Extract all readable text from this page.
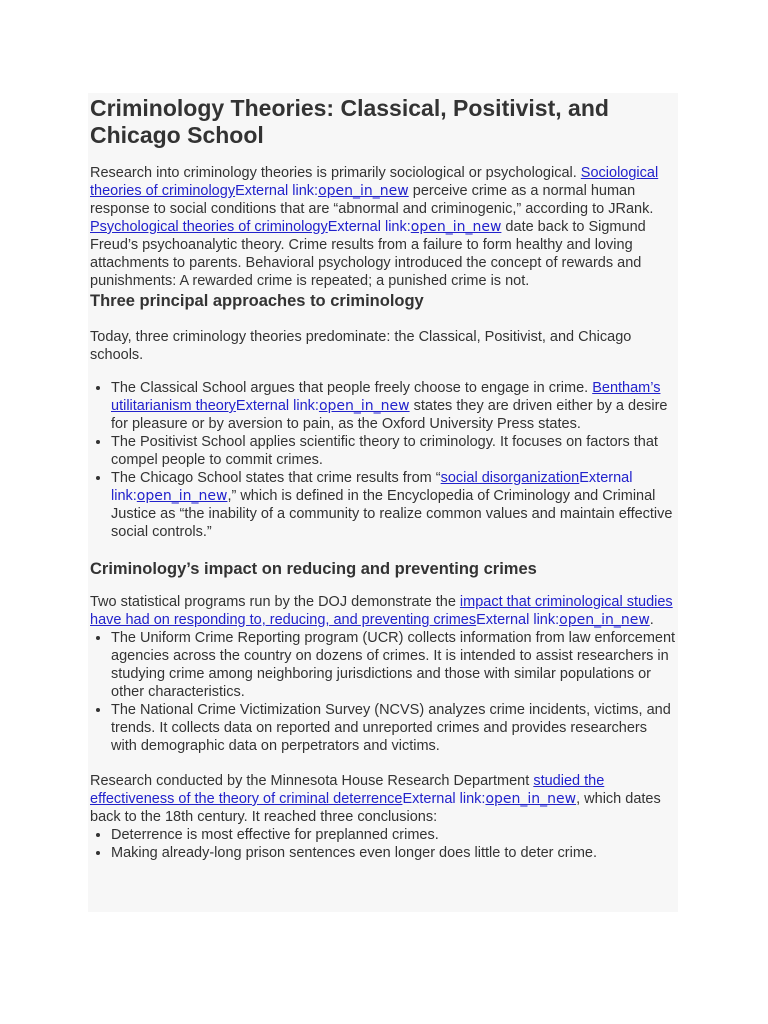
Criminology Theories: Classical, Positivist, and Chicago School

Research into criminology theories is primarily sociological or psychological. Sociological theories of criminologyExternal link:open_in_new perceive crime as a normal human response to social conditions that are “abnormal and criminogenic,” according to JRank.

Psychological theories of criminologyExternal link:open_in_new date back to Sigmund Freud’s psychoanalytic theory. Crime results from a failure to form healthy and loving attachments to parents. Behavioral psychology introduced the concept of rewards and punishments: A rewarded crime is repeated; a punished crime is not.

Three principal approaches to criminology

Today, three criminology theories predominate: the Classical, Positivist, and Chicago schools.

• The Classical School argues that people freely choose to engage in crime. Bentham’s utilitarianism theoryExternal link:open_in_new states they are driven either by a desire for pleasure or by aversion to pain, as the Oxford University Press states.
• The Positivist School applies scientific theory to criminology. It focuses on factors that compel people to commit crimes.
• The Chicago School states that crime results from “social disorganizationExternal link:open_in_new,” which is defined in the Encyclopedia of Criminology and Criminal Justice as “the inability of a community to realize common values and maintain effective social controls.”
Criminology’s impact on reducing and preventing crimes

Two statistical programs run by the DOJ demonstrate the impact that criminological studies have had on responding to, reducing, and preventing crimesExternal link:open_in_new.

• The Uniform Crime Reporting program (UCR) collects information from law enforcement agencies across the country on dozens of crimes. It is intended to assist researchers in studying crime among neighboring jurisdictions and those with similar populations or other characteristics.
• The National Crime Victimization Survey (NCVS) analyzes crime incidents, victims, and trends. It collects data on reported and unreported crimes and provides researchers with demographic data on perpetrators and victims.

Research conducted by the Minnesota House Research Department studied the effectiveness of the theory of criminal deterrenceExternal link:open_in_new, which dates back to the 18th century. It reached three conclusions:

• Deterrence is most effective for preplanned crimes.
• Making already-long prison sentences even longer does little to deter crime.
